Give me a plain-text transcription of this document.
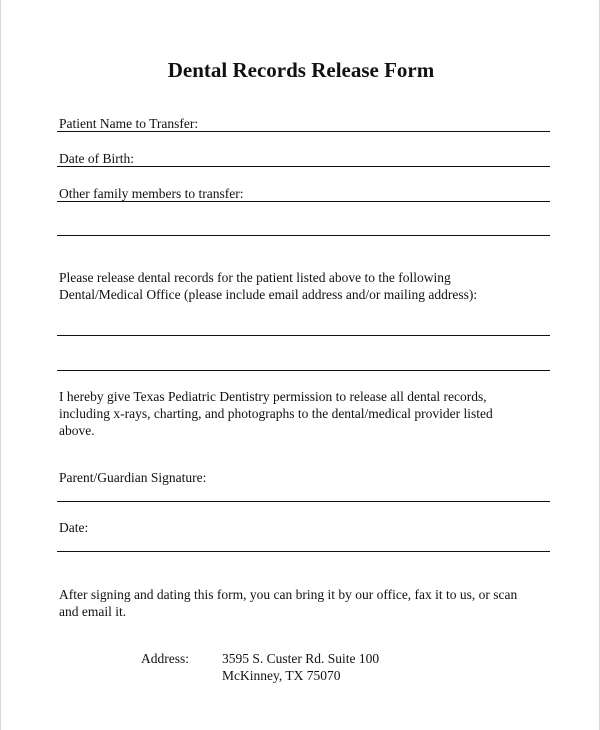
Dental Records Release Form
Patient Name to Transfer:
Date of Birth:
Other family members to transfer:
Please release dental records for the patient listed above to the following
Dental/Medical Office (please include email address and/or mailing address):
I hereby give Texas Pediatric Dentistry permission to release all dental records,
including x-rays, charting, and photographs to the dental/medical provider listed
above.
Parent/Guardian Signature:
Date:
After signing and dating this form, you can bring it by our office, fax it to us, or scan
and email it.
Address: 3595 S. Custer Rd. Suite 100
McKinney, TX 75070
